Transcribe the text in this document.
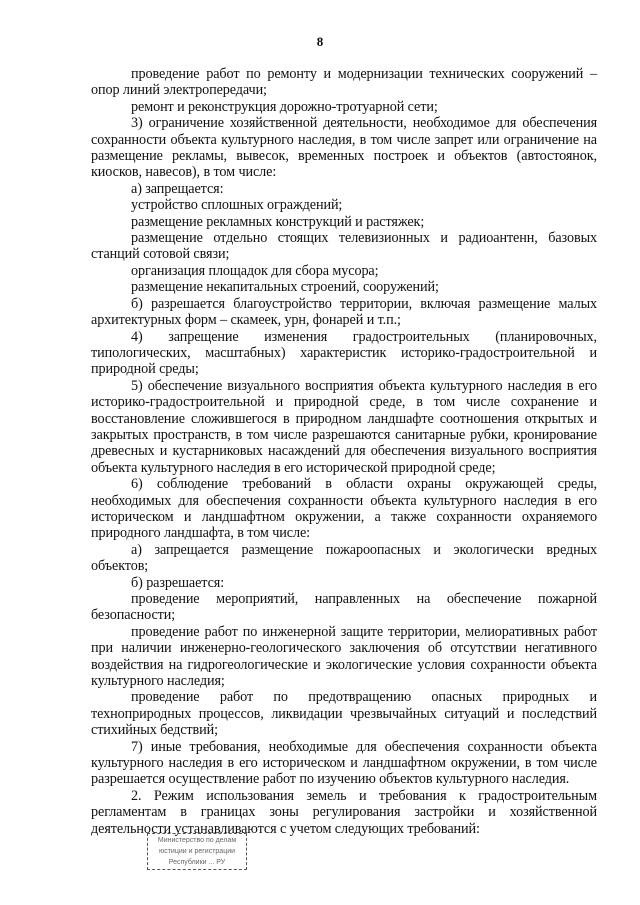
8

проведение работ по ремонту и модернизации технических сооружений – опор линий электропередачи;

ремонт и реконструкция дорожно-тротуарной сети;

3) ограничение хозяйственной деятельности, необходимое для обеспечения сохранности объекта культурного наследия, в том числе запрет или ограничение на размещение рекламы, вывесок, временных построек и объектов (автостоянок, киосков, навесов), в том числе:

а) запрещается:

устройство сплошных ограждений;

размещение рекламных конструкций и растяжек;

размещение отдельно стоящих телевизионных и радиоантенн, базовых станций сотовой связи;

организация площадок для сбора мусора;

размещение некапитальных строений, сооружений;

б) разрешается благоустройство территории, включая размещение малых архитектурных форм – скамеек, урн, фонарей и т.п.;

4) запрещение изменения градостроительных (планировочных, типологических, масштабных) характеристик историко-градостроительной и природной среды;

5) обеспечение визуального восприятия объекта культурного наследия в его историко-градостроительной и природной среде, в том числе сохранение и восстановление сложившегося в природном ландшафте соотношения открытых и закрытых пространств, в том числе разрешаются санитарные рубки, кронирование древесных и кустарниковых насаждений для обеспечения визуального восприятия объекта культурного наследия в его исторической природной среде;

6) соблюдение требований в области охраны окружающей среды, необходимых для обеспечения сохранности объекта культурного наследия в его историческом и ландшафтном окружении, а также сохранности охраняемого природного ландшафта, в том числе:

а) запрещается размещение пожароопасных и экологически вредных объектов;

б) разрешается:

проведение мероприятий, направленных на обеспечение пожарной безопасности;

проведение работ по инженерной защите территории, мелиоративных работ при наличии инженерно-геологического заключения об отсутствии негативного воздействия на гидрогеологические и экологические условия сохранности объекта культурного наследия;

проведение работ по предотвращению опасных природных и техноприродных процессов, ликвидации чрезвычайных ситуаций и последствий стихийных бедствий;

7) иные требования, необходимые для обеспечения сохранности объекта культурного наследия в его историческом и ландшафтном окружении, в том числе разрешается осуществление работ по изучению объектов культурного наследия.

2. Режим использования земель и требования к градостроительным регламентам в границах зоны регулирования застройки и хозяйственной деятельности устанавливаются с учетом следующих требований:

Министерство по делам
юстиции и регистрации
Республики ... РУ
